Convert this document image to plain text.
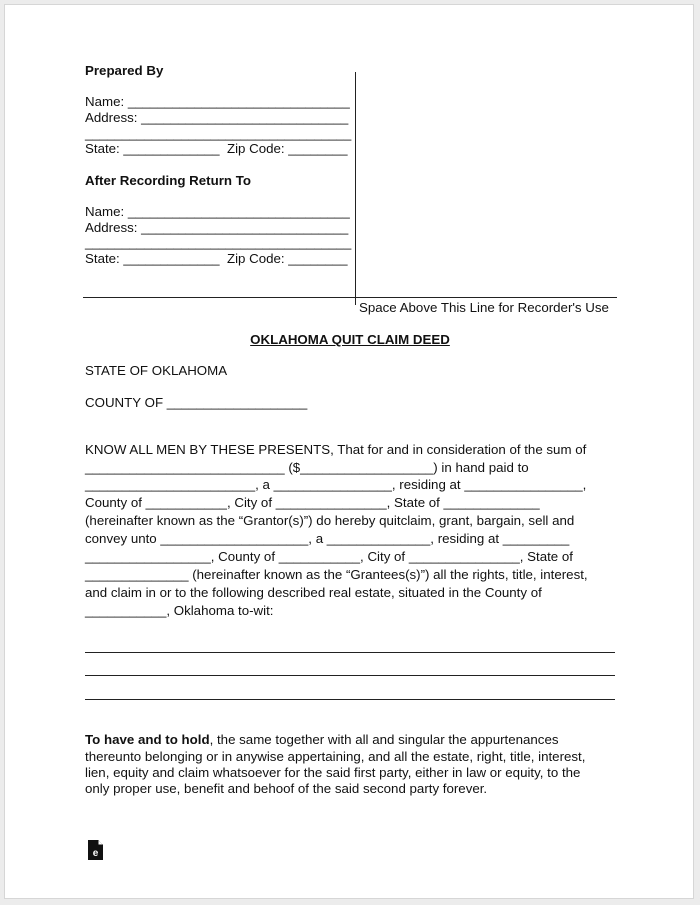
Prepared By
Name: ______________________________
Address: ____________________________
____________________________________
State: _____________  Zip Code: ________
After Recording Return To
Name: ______________________________
Address: ____________________________
____________________________________
State: _____________  Zip Code: ________
Space Above This Line for Recorder's Use
OKLAHOMA QUIT CLAIM DEED
STATE OF OKLAHOMA
COUNTY OF ___________________
KNOW ALL MEN BY THESE PRESENTS, That for and in consideration of the sum of
___________________________ ($__________________) in hand paid to
_______________________, a ________________, residing at ________________,
County of ___________, City of _______________, State of _____________
(hereinafter known as the “Grantor(s)”) do hereby quitclaim, grant, bargain, sell and
convey unto ____________________, a ______________, residing at _________
_________________, County of ___________, City of _______________, State of
______________ (hereinafter known as the “Grantees(s)”) all the rights, title, interest,
and claim in or to the following described real estate, situated in the County of
___________, Oklahoma to-wit:
To have and to hold, the same together with all and singular the appurtenances
thereunto belonging or in anywise appertaining, and all the estate, right, title, interest,
lien, equity and claim whatsoever for the said first party, either in law or equity, to the
only proper use, benefit and behoof of the said second party forever.
e
